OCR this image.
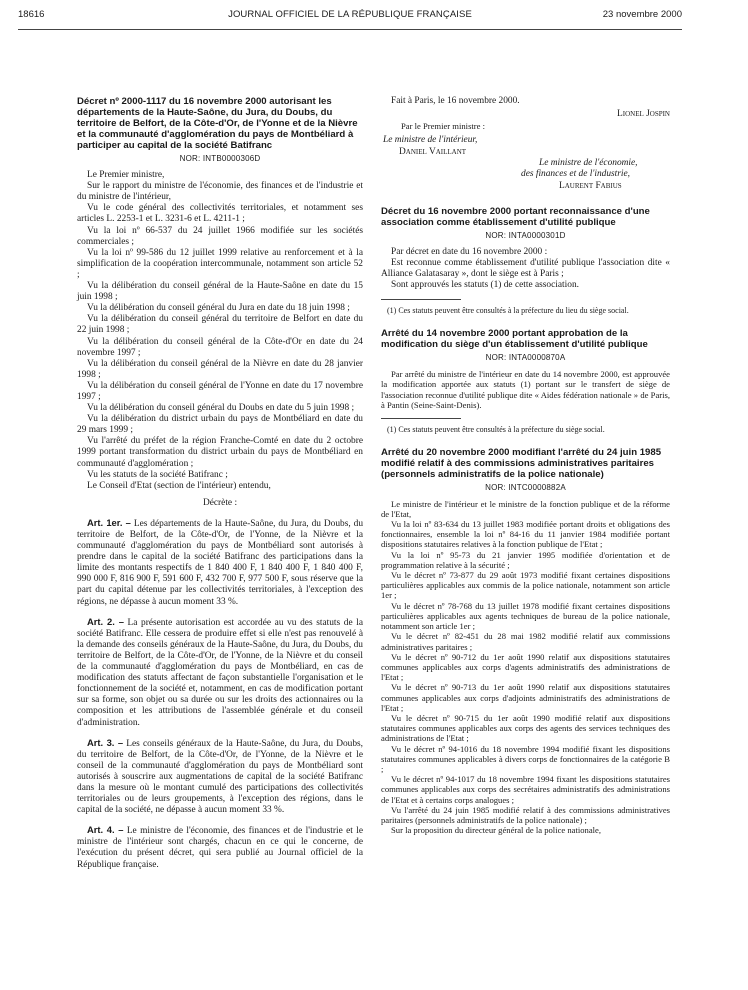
18616	JOURNAL OFFICIEL DE LA RÉPUBLIQUE FRANÇAISE	23 novembre 2000

Décret nº 2000-1117 du 16 novembre 2000 autorisant les départements de la Haute-Saône, du Jura, du Doubs, du territoire de Belfort, de la Côte-d'Or, de l'Yonne et de la Nièvre et la communauté d'agglomération du pays de Montbéliard à participer au capital de la société Batifranc

NOR: INTB0000306D

Le Premier ministre,

Sur le rapport du ministre de l'économie, des finances et de l'industrie et du ministre de l'intérieur,

Vu le code général des collectivités territoriales, et notamment ses articles L. 2253-1 et L. 3231-6 et L. 4211-1 ;

Vu la loi nº 66-537 du 24 juillet 1966 modifiée sur les sociétés commerciales ;

Vu la loi nº 99-586 du 12 juillet 1999 relative au renforcement et à la simplification de la coopération intercommunale, notamment son article 52 ;

Vu la délibération du conseil général de la Haute-Saône en date du 15 juin 1998 ;

Vu la délibération du conseil général du Jura en date du 18 juin 1998 ;

Vu la délibération du conseil général du territoire de Belfort en date du 22 juin 1998 ;

Vu la délibération du conseil général de la Côte-d'Or en date du 24 novembre 1997 ;

Vu la délibération du conseil général de la Nièvre en date du 28 janvier 1998 ;

Vu la délibération du conseil général de l'Yonne en date du 17 novembre 1997 ;

Vu la délibération du conseil général du Doubs en date du 5 juin 1998 ;

Vu la délibération du district urbain du pays de Montbéliard en date du 29 mars 1999 ;

Vu l'arrêté du préfet de la région Franche-Comté en date du 2 octobre 1999 portant transformation du district urbain du pays de Montbéliard en communauté d'agglomération ;

Vu les statuts de la société Batifranc ;

Le Conseil d'Etat (section de l'intérieur) entendu,

Décrète :

Art. 1er. – Les départements de la Haute-Saône, du Jura, du Doubs, du territoire de Belfort, de la Côte-d'Or, de l'Yonne, de la Nièvre et la communauté d'agglomération du pays de Montbéliard sont autorisés à prendre dans le capital de la société Batifranc des participations dans la limite des montants respectifs de 1 840 400 F, 1 840 400 F, 1 840 400 F, 990 000 F, 816 900 F, 591 600 F, 432 700 F, 977 500 F, sous réserve que la part du capital détenue par les collectivités territoriales, à l'exception des régions, ne dépasse à aucun moment 33 %.

Art. 2. – La présente autorisation est accordée au vu des statuts de la société Batifranc. Elle cessera de produire effet si elle n'est pas renouvelé à la demande des conseils généraux de la Haute-Saône, du Jura, du Doubs, du territoire de Belfort, de la Côte-d'Or, de l'Yonne, de la Nièvre et du conseil de la communauté d'agglomération du pays de Montbéliard, en cas de modification des statuts affectant de façon substantielle l'organisation et le fonctionnement de la société et, notamment, en cas de modification portant sur sa forme, son objet ou sa durée ou sur les droits des actionnaires ou la composition et les attributions de l'assemblée générale et du conseil d'administration.

Art. 3. – Les conseils généraux de la Haute-Saône, du Jura, du Doubs, du territoire de Belfort, de la Côte-d'Or, de l'Yonne, de la Nièvre et le conseil de la communauté d'agglomération du pays de Montbéliard sont autorisés à souscrire aux augmentations de capital de la société Batifranc dans la mesure où le montant cumulé des participations des collectivités territoriales ou de leurs groupements, à l'exception des régions, dans le capital de la société, ne dépasse à aucun moment 33 %.

Art. 4. – Le ministre de l'économie, des finances et de l'industrie et le ministre de l'intérieur sont chargés, chacun en ce qui le concerne, de l'exécution du présent décret, qui sera publié au Journal officiel de la République française.

Fait à Paris, le 16 novembre 2000.
Lionel Jospin
Par le Premier ministre :
Le ministre de l'intérieur,
Daniel Vaillant
Le ministre de l'économie,
des finances et de l'industrie,
Laurent Fabius

Décret du 16 novembre 2000 portant reconnaissance d'une association comme établissement d'utilité publique

NOR: INTA0000301D

Par décret en date du 16 novembre 2000 :

Est reconnue comme établissement d'utilité publique l'association dite « Alliance Galatasaray », dont le siège est à Paris ;

Sont approuvés les statuts (1) de cette association.

(1) Ces statuts peuvent être consultés à la préfecture du lieu du siège social.

Arrêté du 14 novembre 2000 portant approbation de la modification du siège d'un établissement d'utilité publique

NOR: INTA0000870A

Par arrêté du ministre de l'intérieur en date du 14 novembre 2000, est approuvée la modification apportée aux statuts (1) portant sur le transfert de siège de l'association reconnue d'utilité publique dite « Aides fédération nationale » de Paris, à Pantin (Seine-Saint-Denis).

(1) Ces statuts peuvent être consultés à la préfecture du siège social.

Arrêté du 20 novembre 2000 modifiant l'arrêté du 24 juin 1985 modifié relatif à des commissions administratives paritaires (personnels administratifs de la police nationale)

NOR: INTC0000882A

Le ministre de l'intérieur et le ministre de la fonction publique et de la réforme de l'Etat,

Vu la loi nº 83-634 du 13 juillet 1983 modifiée portant droits et obligations des fonctionnaires, ensemble la loi nº 84-16 du 11 janvier 1984 modifiée portant dispositions statutaires relatives à la fonction publique de l'Etat ;

Vu la loi nº 95-73 du 21 janvier 1995 modifiée d'orientation et de programmation relative à la sécurité ;

Vu le décret nº 73-877 du 29 août 1973 modifié fixant certaines dispositions particulières applicables aux commis de la police nationale, notamment son article 1er ;

Vu le décret nº 78-768 du 13 juillet 1978 modifié fixant certaines dispositions particulières applicables aux agents techniques de bureau de la police nationale, notamment son article 1er ;

Vu le décret nº 82-451 du 28 mai 1982 modifié relatif aux commissions administratives paritaires ;

Vu le décret nº 90-712 du 1er août 1990 relatif aux dispositions statutaires communes applicables aux corps d'agents administratifs des administrations de l'Etat ;

Vu le décret nº 90-713 du 1er août 1990 relatif aux dispositions statutaires communes applicables aux corps d'adjoints administratifs des administrations de l'Etat ;

Vu le décret nº 90-715 du 1er août 1990 modifié relatif aux dispositions statutaires communes applicables aux corps des agents des services techniques des administrations de l'Etat ;

Vu le décret nº 94-1016 du 18 novembre 1994 modifié fixant les dispositions statutaires communes applicables à divers corps de fonctionnaires de la catégorie B ;

Vu le décret nº 94-1017 du 18 novembre 1994 fixant les dispositions statutaires communes applicables aux corps des secrétaires administratifs des administrations de l'Etat et à certains corps analogues ;

Vu l'arrêté du 24 juin 1985 modifié relatif à des commissions administratives paritaires (personnels administratifs de la police nationale) ;

Sur la proposition du directeur général de la police nationale,
